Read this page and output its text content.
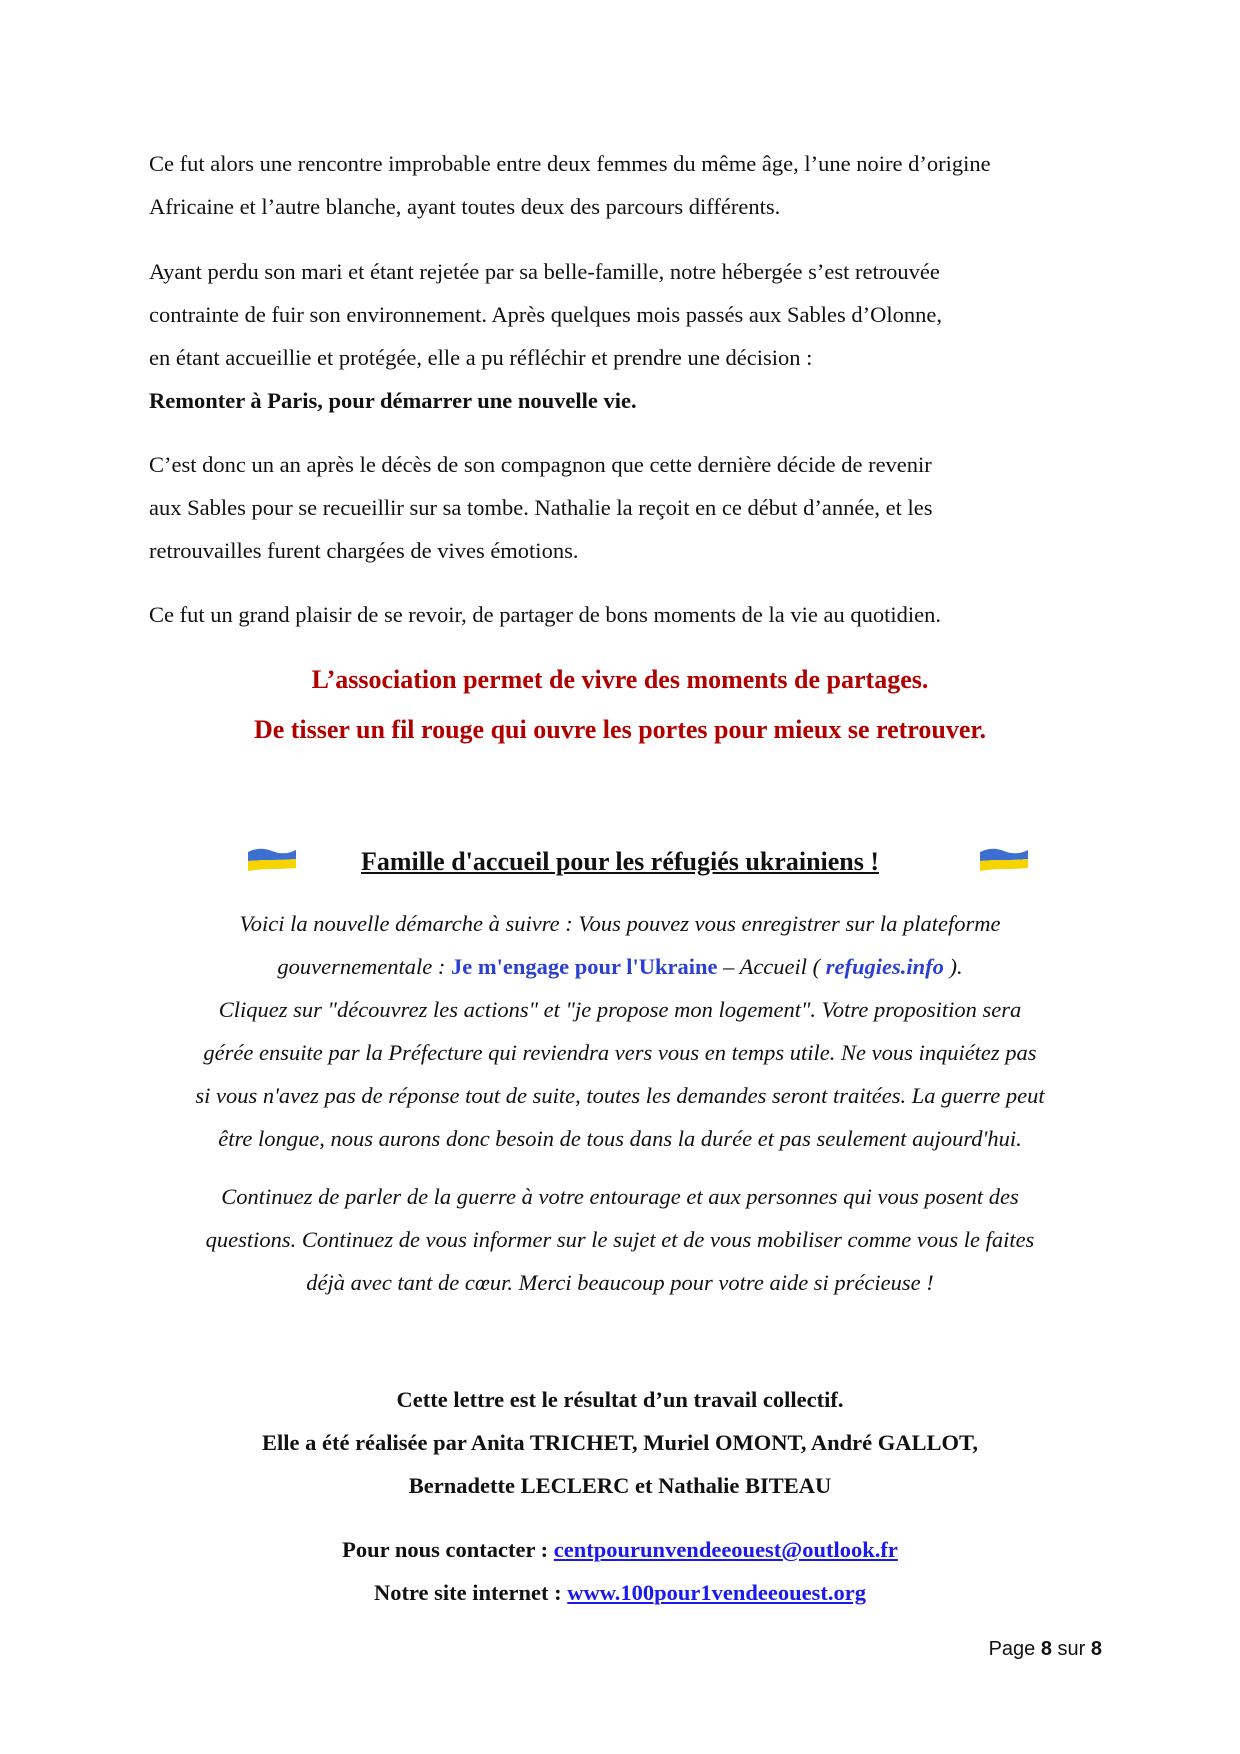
Ce fut alors une rencontre improbable entre deux femmes du même âge, l’une noire d’origine
Africaine et l’autre blanche, ayant toutes deux des parcours différents.

Ayant perdu son mari et étant rejetée par sa belle-famille, notre hébergée s’est retrouvée
contrainte de fuir son environnement. Après quelques mois passés aux Sables d’Olonne,
en étant accueillie et protégée, elle a pu réfléchir et prendre une décision :
Remonter à Paris, pour démarrer une nouvelle vie.

C’est donc un an après le décès de son compagnon que cette dernière décide de revenir
aux Sables pour se recueillir sur sa tombe. Nathalie la reçoit en ce début d’année, et les
retrouvailles furent chargées de vives émotions.

Ce fut un grand plaisir de se revoir, de partager de bons moments de la vie au quotidien.

L’association permet de vivre des moments de partages.
De tisser un fil rouge qui ouvre les portes pour mieux se retrouver.
Famille d'accueil pour les réfugiés ukrainiens !

Voici la nouvelle démarche à suivre : Vous pouvez vous enregistrer sur la plateforme
gouvernementale : Je m'engage pour l'Ukraine – Accueil ( refugies.info ).
Cliquez sur "découvrez les actions" et "je propose mon logement". Votre proposition sera
gérée ensuite par la Préfecture qui reviendra vers vous en temps utile. Ne vous inquiétez pas
si vous n'avez pas de réponse tout de suite, toutes les demandes seront traitées. La guerre peut
être longue, nous aurons donc besoin de tous dans la durée et pas seulement aujourd'hui.

Continuez de parler de la guerre à votre entourage et aux personnes qui vous posent des
questions. Continuez de vous informer sur le sujet et de vous mobiliser comme vous le faites
déjà avec tant de cœur. Merci beaucoup pour votre aide si précieuse !

Cette lettre est le résultat d’un travail collectif.
Elle a été réalisée par Anita TRICHET, Muriel OMONT, André GALLOT,
Bernadette LECLERC et Nathalie BITEAU

Pour nous contacter : centpourunvendeeouest@outlook.fr
Notre site internet : www.100pour1vendeeouest.org

Page 8 sur 8
